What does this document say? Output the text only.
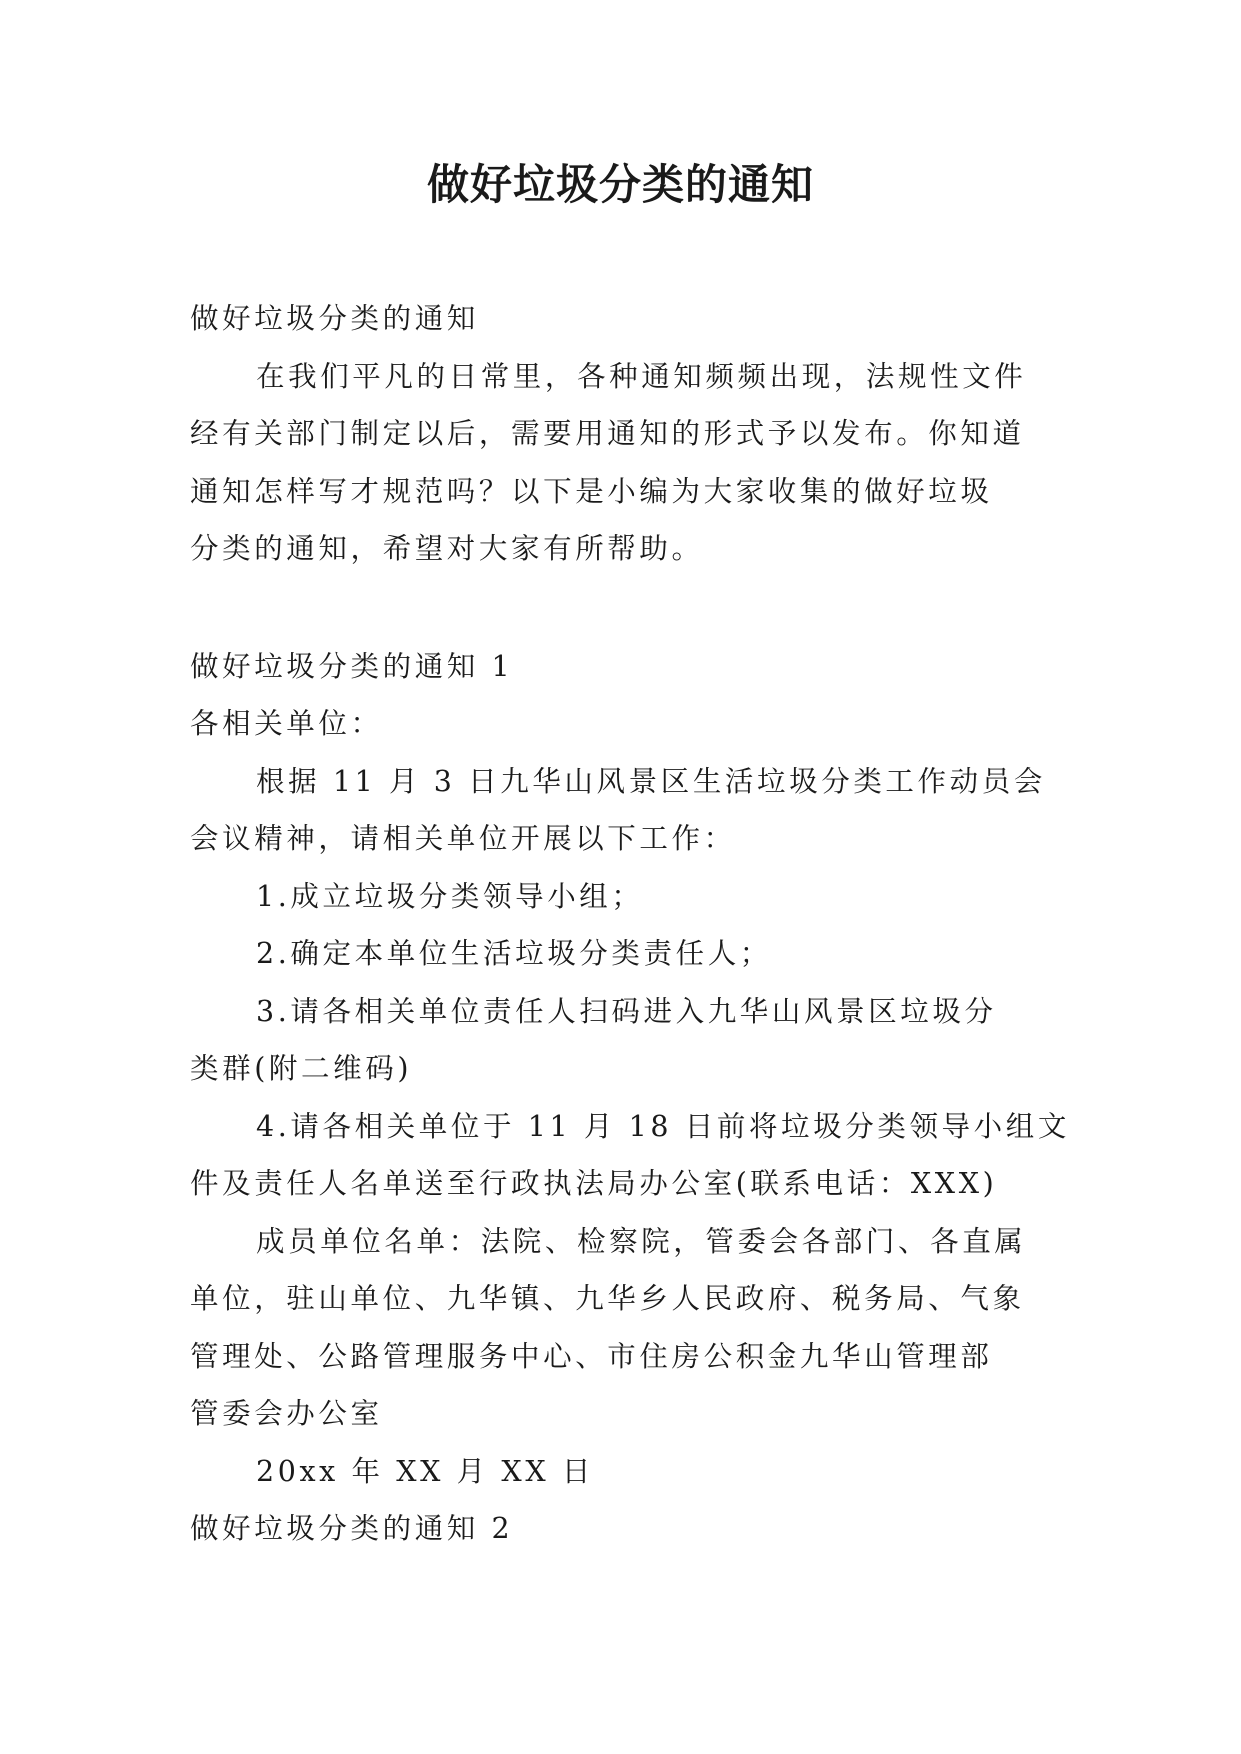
做好垃圾分类的通知
做好垃圾分类的通知
在我们平凡的日常里，各种通知频频出现，法规性文件
经有关部门制定以后，需要用通知的形式予以发布。你知道
通知怎样写才规范吗？以下是小编为大家收集的做好垃圾
分类的通知，希望对大家有所帮助。
做好垃圾分类的通知 1
各相关单位：
根据 11 月 3 日九华山风景区生活垃圾分类工作动员会
会议精神，请相关单位开展以下工作：
1.成立垃圾分类领导小组；
2.确定本单位生活垃圾分类责任人；
3.请各相关单位责任人扫码进入九华山风景区垃圾分
类群(附二维码)
4.请各相关单位于 11 月 18 日前将垃圾分类领导小组文
件及责任人名单送至行政执法局办公室(联系电话：XXX)
成员单位名单：法院、检察院，管委会各部门、各直属
单位，驻山单位、九华镇、九华乡人民政府、税务局、气象
管理处、公路管理服务中心、市住房公积金九华山管理部
管委会办公室
20xx 年 XX 月 XX 日
做好垃圾分类的通知 2
